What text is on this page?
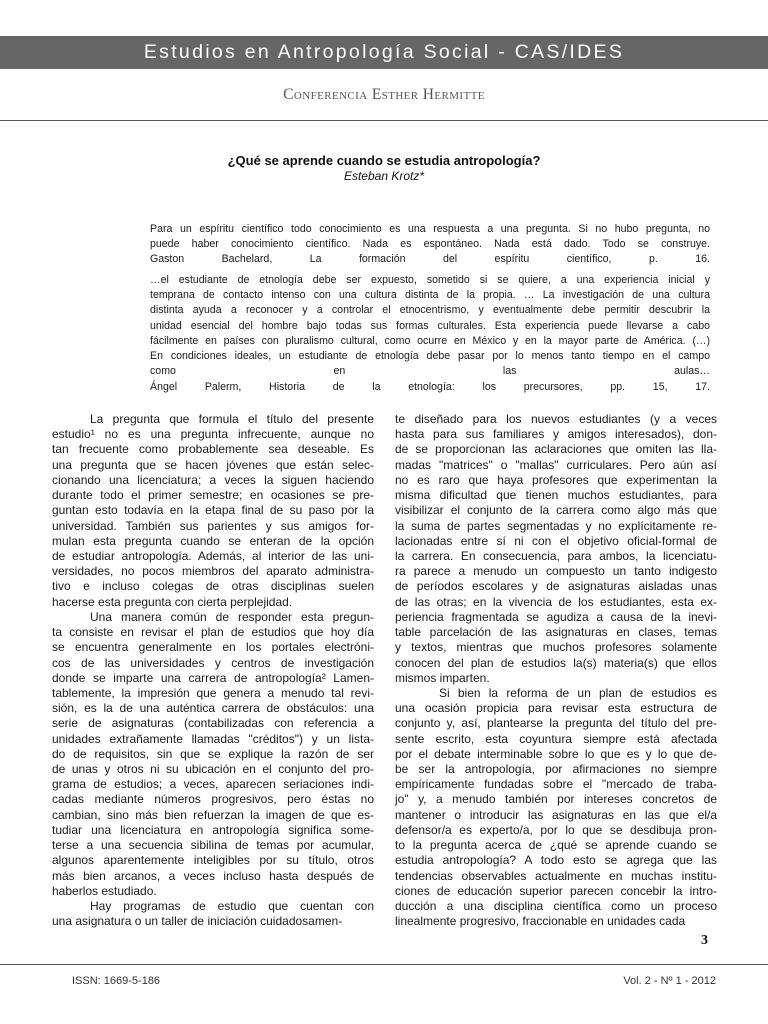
Estudios en Antropología Social - CAS/IDES
Conferencia Esther Hermitte
¿Qué se aprende cuando se estudia antropología?
Esteban Krotz*
Para un espíritu científico todo conocimiento es una respuesta a una pregunta. Si no hubo pregunta, no
puede haber conocimiento científico. Nada es espontáneo. Nada está dado. Todo se construye.
Gaston Bachelard, La formación del espíritu científico, p. 16.
…el estudiante de etnología debe ser expuesto, sometido si se quiere, a una experiencia inicial y
temprana de contacto intenso con una cultura distinta de la propia. … La investigación de una cultura
distinta ayuda a reconocer y a controlar el etnocentrismo, y eventualmente debe permitir descubrir la
unidad esencial del hombre bajo todas sus formas culturales. Esta experiencia puede llevarse a cabo
fácilmente en países con pluralismo cultural, como ocurre en México y en la mayor parte de América. (…)
En condiciones ideales, un estudiante de etnología debe pasar por lo menos tanto tiempo en el campo
como en las aulas…
Ángel Palerm, Historia de la etnología: los precursores, pp. 15, 17.
La pregunta que formula el título del presente
estudio¹ no es una pregunta infrecuente, aunque no
tan frecuente como probablemente sea deseable. Es
una pregunta que se hacen jóvenes que están selec-
cionando una licenciatura; a veces la siguen haciendo
durante todo el primer semestre; en ocasiones se pre-
guntan esto todavía en la etapa final de su paso por la
universidad. También sus parientes y sus amigos for-
mulan esta pregunta cuando se enteran de la opción
de estudiar antropología. Además, al interior de las uni-
versidades, no pocos miembros del aparato administra-
tivo e incluso colegas de otras disciplinas suelen
hacerse esta pregunta con cierta perplejidad.
Una manera común de responder esta pregun-
ta consiste en revisar el plan de estudios que hoy día
se encuentra generalmente en los portales electróni-
cos de las universidades y centros de investigación
donde se imparte una carrera de antropología² Lamen-
tablemente, la impresión que genera a menudo tal revi-
sión, es la de una auténtica carrera de obstáculos: una
serie de asignaturas (contabilizadas con referencia a
unidades extrañamente llamadas "créditos") y un lista-
do de requisitos, sin que se explique la razón de ser
de unas y otros ni su ubicación en el conjunto del pro-
grama de estudios; a veces, aparecen seriaciones indi-
cadas mediante números progresivos, pero éstas no
cambian, sino más bien refuerzan la imagen de que es-
tudiar una licenciatura en antropología significa some-
terse a una secuencia sibilina de temas por acumular,
algunos aparentemente inteligibles por su título, otros
más bien arcanos, a veces incluso hasta después de
haberlos estudiado.
Hay programas de estudio que cuentan con
una asignatura o un taller de iniciación cuidadosamen-
te diseñado para los nuevos estudiantes (y a veces
hasta para sus familiares y amigos interesados), don-
de se proporcionan las aclaraciones que omiten las lla-
madas "matrices" o "mallas" curriculares. Pero aún así
no es raro que haya profesores que experimentan la
misma dificultad que tienen muchos estudiantes, para
visibilizar el conjunto de la carrera como algo más que
la suma de partes segmentadas y no explícitamente re-
lacionadas entre sí ni con el objetivo oficial-formal de
la carrera. En consecuencia, para ambos, la licenciatu-
ra parece a menudo un compuesto un tanto indigesto
de períodos escolares y de asignaturas aisladas unas
de las otras; en la vivencia de los estudiantes, esta ex-
periencia fragmentada se agudiza a causa de la inevi-
table parcelación de las asignaturas en clases, temas
y textos, mientras que muchos profesores solamente
conocen del plan de estudios la(s) materia(s) que ellos
mismos imparten.
Si bien la reforma de un plan de estudios es
una ocasión propicia para revisar esta estructura de
conjunto y, así, plantearse la pregunta del título del pre-
sente escrito, esta coyuntura siempre está afectada
por el debate interminable sobre lo que es y lo que de-
be ser la antropología, por afirmaciones no siempre
empíricamente fundadas sobre el "mercado de traba-
jo" y, a menudo también por intereses concretos de
mantener o introducir las asignaturas en las que el/a
defensor/a es experto/a, por lo que se desdibuja pron-
to la pregunta acerca de ¿qué se aprende cuando se
estudia antropología? A todo esto se agrega que las
tendencias observables actualmente en muchas institu-
ciones de educación superior parecen concebir la intro-
ducción a una disciplina científica como un proceso
linealmente progresivo, fraccionable en unidades cada
3
ISSN: 1669-5-186	Vol. 2 - Nº 1 - 2012
